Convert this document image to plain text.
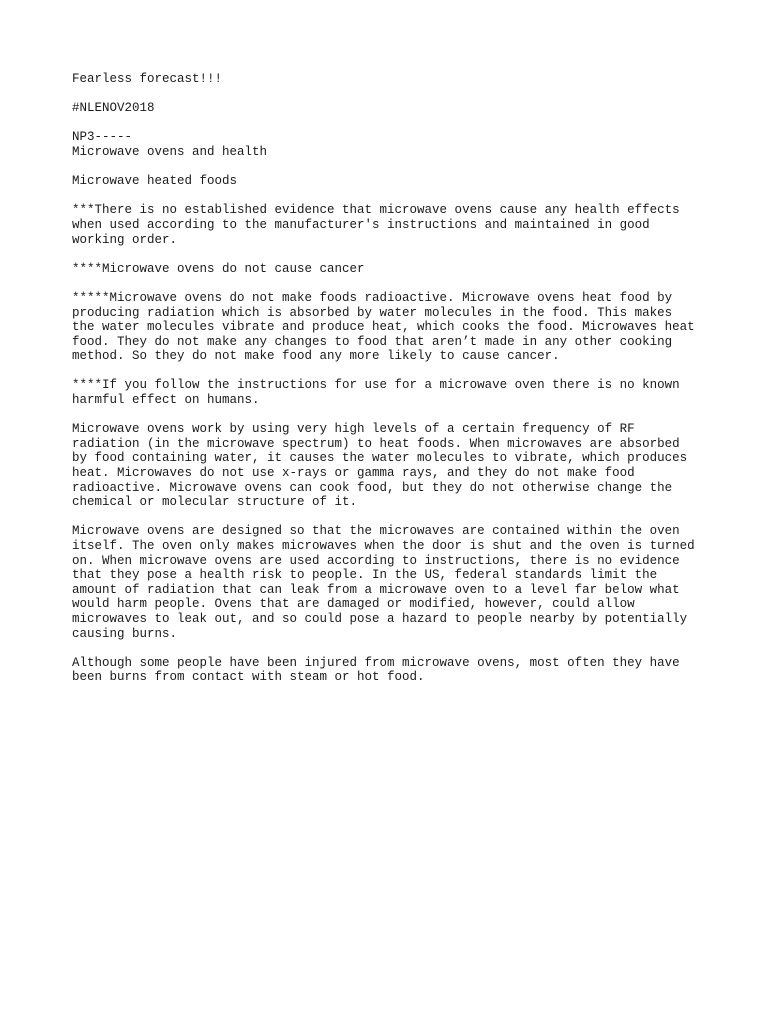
Fearless forecast!!!

#NLENOV2018

NP3-----
Microwave ovens and health

Microwave heated foods

***There is no established evidence that microwave ovens cause any health effects
when used according to the manufacturer's instructions and maintained in good
working order.

****Microwave ovens do not cause cancer

*****Microwave ovens do not make foods radioactive. Microwave ovens heat food by
producing radiation which is absorbed by water molecules in the food. This makes
the water molecules vibrate and produce heat, which cooks the food. Microwaves heat
food. They do not make any changes to food that aren’t made in any other cooking
method. So they do not make food any more likely to cause cancer.

****If you follow the instructions for use for a microwave oven there is no known
harmful effect on humans.

Microwave ovens work by using very high levels of a certain frequency of RF
radiation (in the microwave spectrum) to heat foods. When microwaves are absorbed
by food containing water, it causes the water molecules to vibrate, which produces
heat. Microwaves do not use x-rays or gamma rays, and they do not make food
radioactive. Microwave ovens can cook food, but they do not otherwise change the
chemical or molecular structure of it.

Microwave ovens are designed so that the microwaves are contained within the oven
itself. The oven only makes microwaves when the door is shut and the oven is turned
on. When microwave ovens are used according to instructions, there is no evidence
that they pose a health risk to people. In the US, federal standards limit the
amount of radiation that can leak from a microwave oven to a level far below what
would harm people. Ovens that are damaged or modified, however, could allow
microwaves to leak out, and so could pose a hazard to people nearby by potentially
causing burns.

Although some people have been injured from microwave ovens, most often they have
been burns from contact with steam or hot food.
